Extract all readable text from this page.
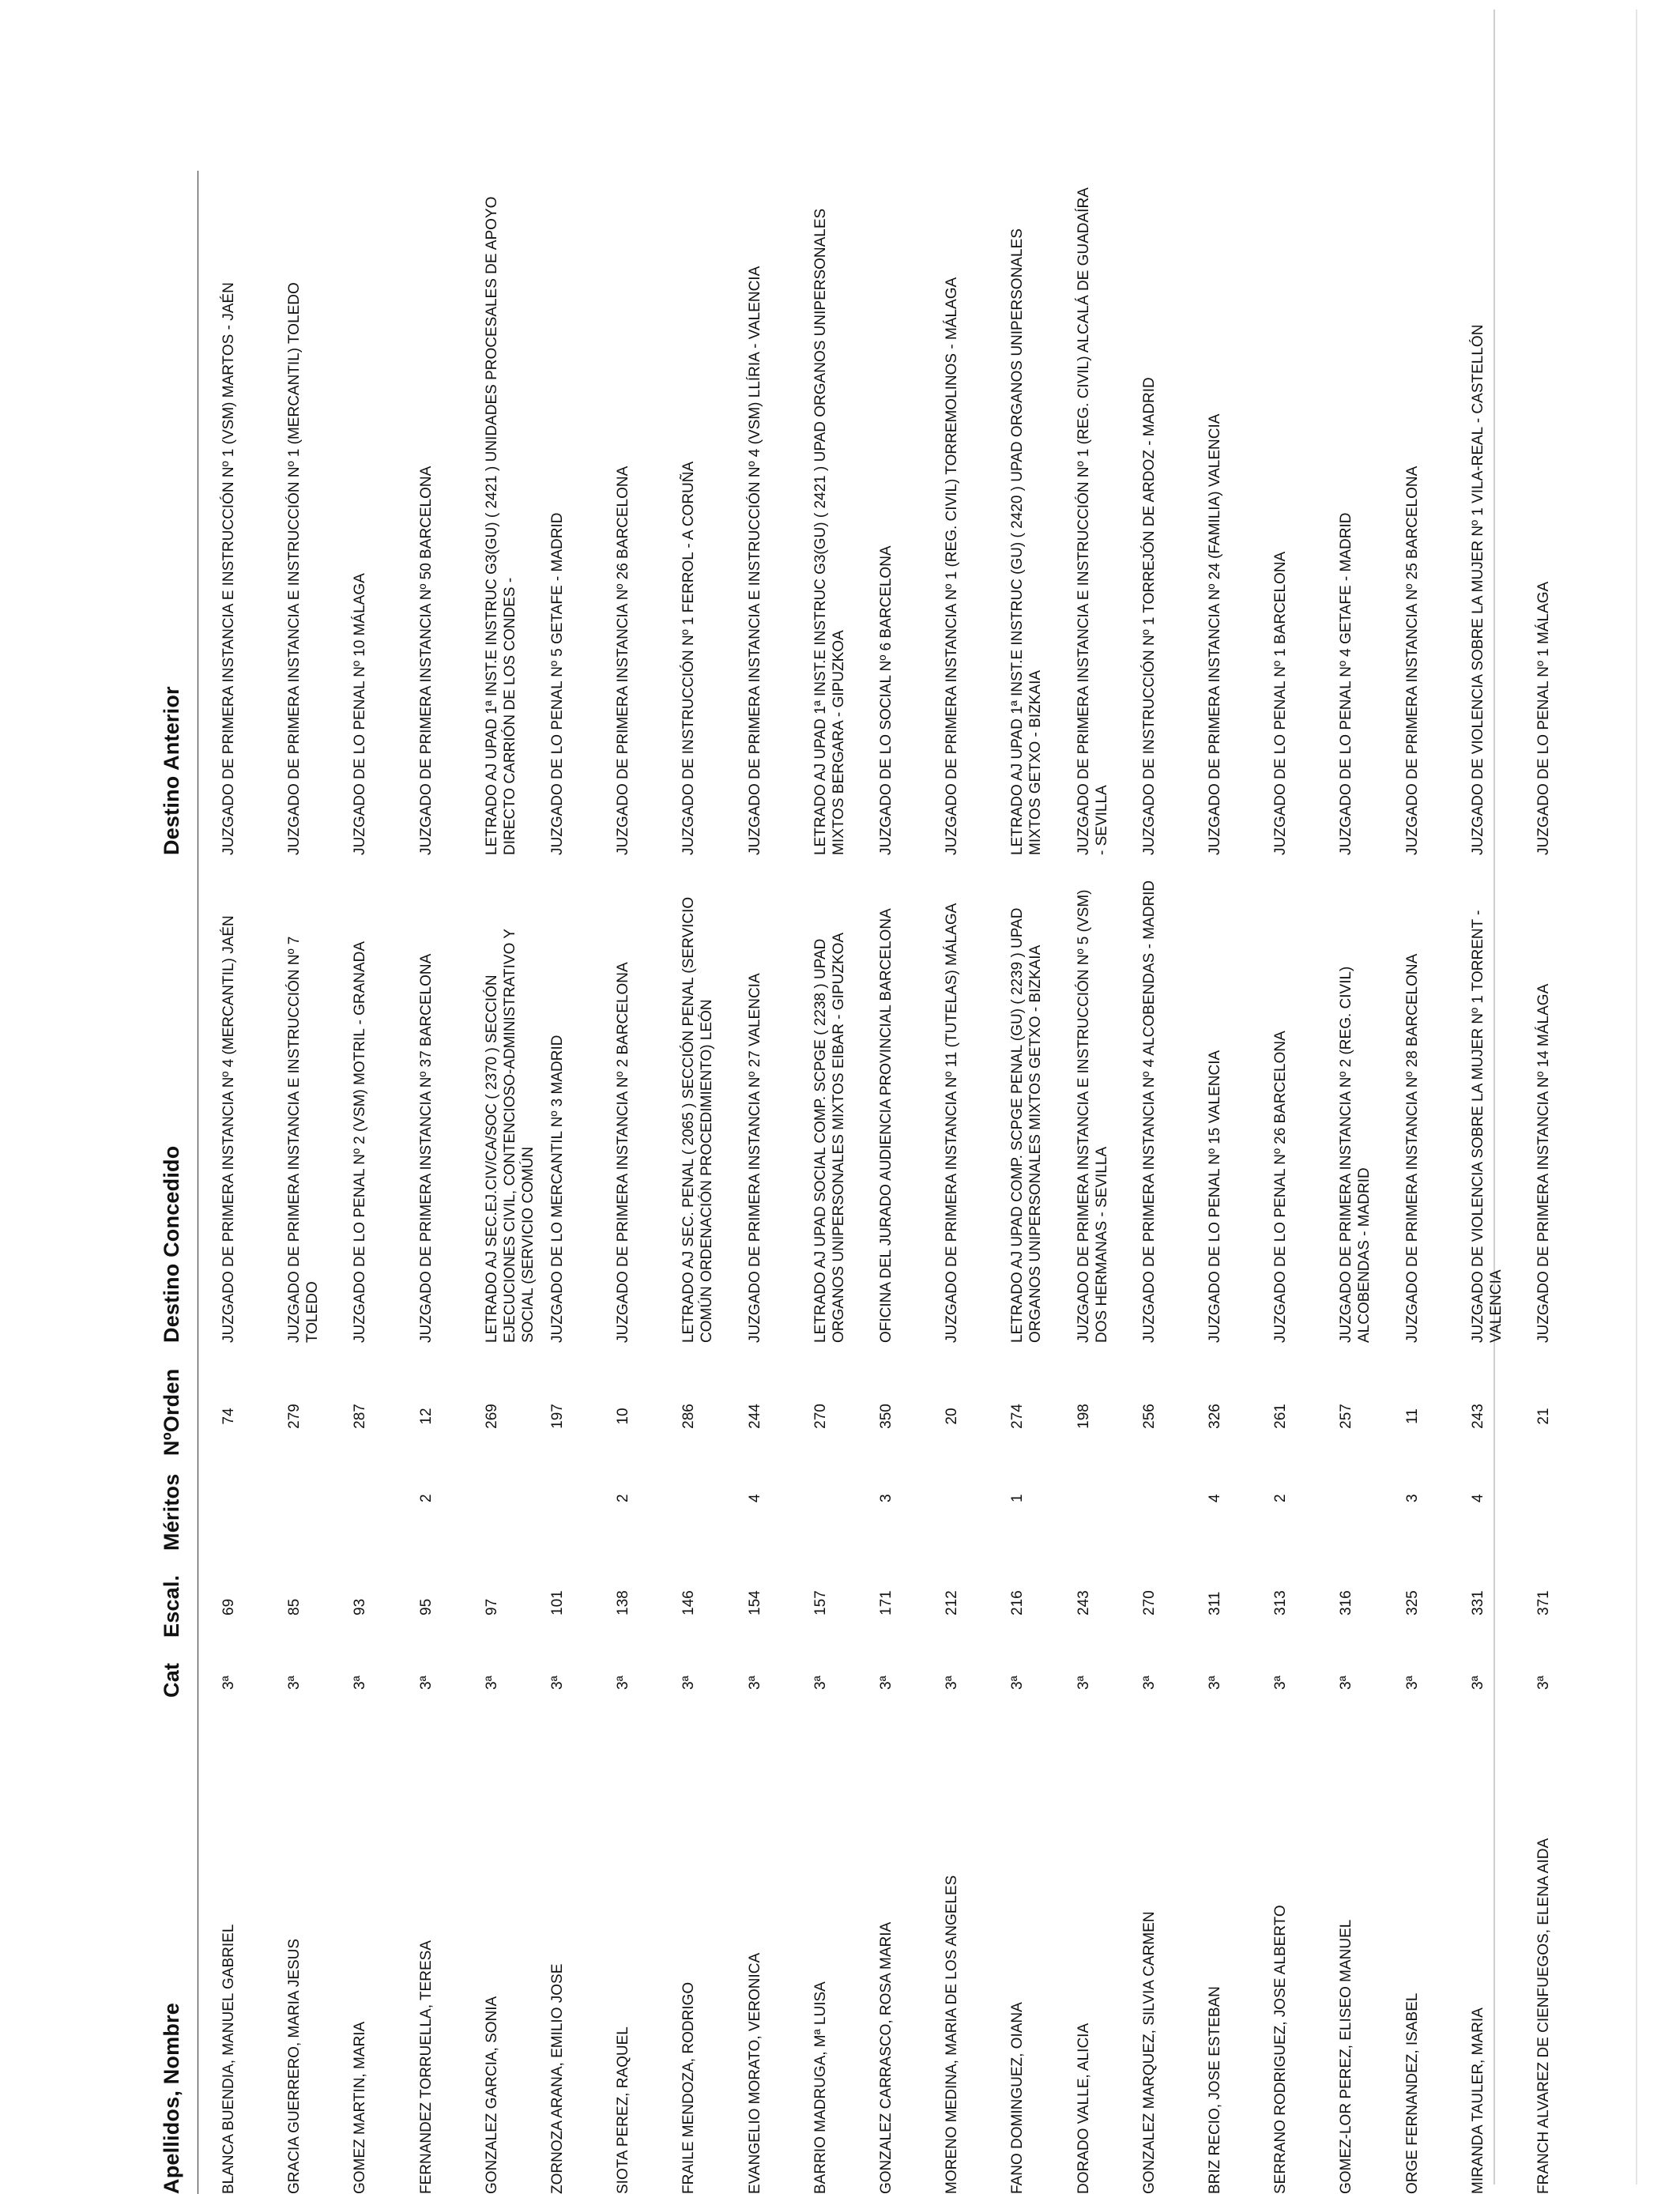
Apellidos, Nombre
Cat
Escal.
Méritos
NºOrden
Destino Concedido
Destino Anterior
BLANCA BUENDIA, MANUEL GABRIEL
3ª
69
74
JUZGADO DE PRIMERA INSTANCIA Nº 4 (MERCANTIL) JAÉN
JUZGADO DE PRIMERA INSTANCIA E INSTRUCCIÓN Nº 1 (VSM) MARTOS - JAÉN
GRACIA GUERRERO, MARIA JESUS
3ª
85
279
JUZGADO DE PRIMERA INSTANCIA E INSTRUCCIÓN Nº 7 TOLEDO
JUZGADO DE PRIMERA INSTANCIA E INSTRUCCIÓN Nº 1 (MERCANTIL) TOLEDO
GOMEZ MARTIN, MARIA
3ª
93
287
JUZGADO DE LO PENAL Nº 2 (VSM) MOTRIL - GRANADA
JUZGADO DE LO PENAL Nº 10 MÁLAGA
FERNANDEZ TORRUELLA, TERESA
3ª
95
2
12
JUZGADO DE PRIMERA INSTANCIA Nº 37 BARCELONA
JUZGADO DE PRIMERA INSTANCIA Nº 50 BARCELONA
GONZALEZ GARCIA, SONIA
3ª
97
269
LETRADO AJ SEC.EJ.CIV/CA/SOC ( 2370 ) SECCIÓN EJECUCIONES CIVIL, CONTENCIOSO-ADMINISTRATIVO Y SOCIAL (SERVICIO COMÚN
LETRADO AJ UPAD 1ª INST.E INSTRUC G3(GU) ( 2421 ) UNIDADES PROCESALES DE APOYO DIRECTO CARRIÓN DE LOS CONDES -
ZORNOZA ARANA, EMILIO JOSE
3ª
101
197
JUZGADO DE LO MERCANTIL Nº 3 MADRID
JUZGADO DE LO PENAL Nº 5 GETAFE - MADRID
SIOTA PEREZ, RAQUEL
3ª
138
2
10
JUZGADO DE PRIMERA INSTANCIA Nº 2 BARCELONA
JUZGADO DE PRIMERA INSTANCIA Nº 26 BARCELONA
FRAILE MENDOZA, RODRIGO
3ª
146
286
LETRADO AJ SEC. PENAL ( 2065 ) SECCIÓN PENAL (SERVICIO COMÚN ORDENACIÓN PROCEDIMIENTO) LEÓN
JUZGADO DE INSTRUCCIÓN Nº 1 FERROL - A CORUÑA
EVANGELIO MORATO, VERONICA
3ª
154
4
244
JUZGADO DE PRIMERA INSTANCIA Nº 27 VALENCIA
JUZGADO DE PRIMERA INSTANCIA E INSTRUCCIÓN Nº 4 (VSM) LLÍRIA - VALENCIA
BARRIO MADRUGA, Mª LUISA
3ª
157
270
LETRADO AJ UPAD SOCIAL COMP. SCPGE ( 2238 ) UPAD ORGANOS UNIPERSONALES MIXTOS EIBAR - GIPUZKOA
LETRADO AJ UPAD 1ª INST.E INSTRUC G3(GU) ( 2421 ) UPAD ORGANOS UNIPERSONALES MIXTOS BERGARA - GIPUZKOA
GONZALEZ CARRASCO, ROSA MARIA
3ª
171
3
350
OFICINA DEL JURADO AUDIENCIA PROVINCIAL BARCELONA
JUZGADO DE LO SOCIAL Nº 6 BARCELONA
MORENO MEDINA, MARIA DE LOS ANGELES
3ª
212
20
JUZGADO DE PRIMERA INSTANCIA Nº 11 (TUTELAS) MÁLAGA
JUZGADO DE PRIMERA INSTANCIA Nº 1 (REG. CIVIL) TORREMOLINOS - MÁLAGA
FANO DOMINGUEZ, OIANA
3ª
216
1
274
LETRADO AJ UPAD COMP. SCPGE PENAL (GU) ( 2239 ) UPAD ORGANOS UNIPERSONALES MIXTOS GETXO - BIZKAIA
LETRADO AJ UPAD 1ª INST.E INSTRUC (GU) ( 2420 ) UPAD ORGANOS UNIPERSONALES MIXTOS GETXO - BIZKAIA
DORADO VALLE, ALICIA
3ª
243
198
JUZGADO DE PRIMERA INSTANCIA E INSTRUCCIÓN Nº 5 (VSM) DOS HERMANAS - SEVILLA
JUZGADO DE PRIMERA INSTANCIA E INSTRUCCIÓN Nº 1 (REG. CIVIL) ALCALÁ DE GUADAÍRA - SEVILLA
GONZALEZ MARQUEZ, SILVIA CARMEN
3ª
270
256
JUZGADO DE PRIMERA INSTANCIA Nº 4 ALCOBENDAS - MADRID
JUZGADO DE INSTRUCCIÓN Nº 1 TORREJÓN DE ARDOZ - MADRID
BRIZ RECIO, JOSE ESTEBAN
3ª
311
4
326
JUZGADO DE LO PENAL Nº 15 VALENCIA
JUZGADO DE PRIMERA INSTANCIA Nº 24 (FAMILIA) VALENCIA
SERRANO RODRIGUEZ, JOSE ALBERTO
3ª
313
2
261
JUZGADO DE LO PENAL Nº 26 BARCELONA
JUZGADO DE LO PENAL Nº 1 BARCELONA
GOMEZ-LOR PEREZ, ELISEO MANUEL
3ª
316
257
JUZGADO DE PRIMERA INSTANCIA Nº 2 (REG. CIVIL) ALCOBENDAS - MADRID
JUZGADO DE LO PENAL Nº 4 GETAFE - MADRID
ORGE FERNANDEZ, ISABEL
3ª
325
3
11
JUZGADO DE PRIMERA INSTANCIA Nº 28 BARCELONA
JUZGADO DE PRIMERA INSTANCIA Nº 25 BARCELONA
MIRANDA TAULER, MARIA
3ª
331
4
243
JUZGADO DE VIOLENCIA SOBRE LA MUJER Nº 1 TORRENT - VALENCIA
JUZGADO DE VIOLENCIA SOBRE LA MUJER Nº 1 VILA-REAL - CASTELLÓN
FRANCH ALVAREZ DE CIENFUEGOS, ELENA AIDA
3ª
371
21
JUZGADO DE PRIMERA INSTANCIA Nº 14 MÁLAGA
JUZGADO DE LO PENAL Nº 1 MÁLAGA
